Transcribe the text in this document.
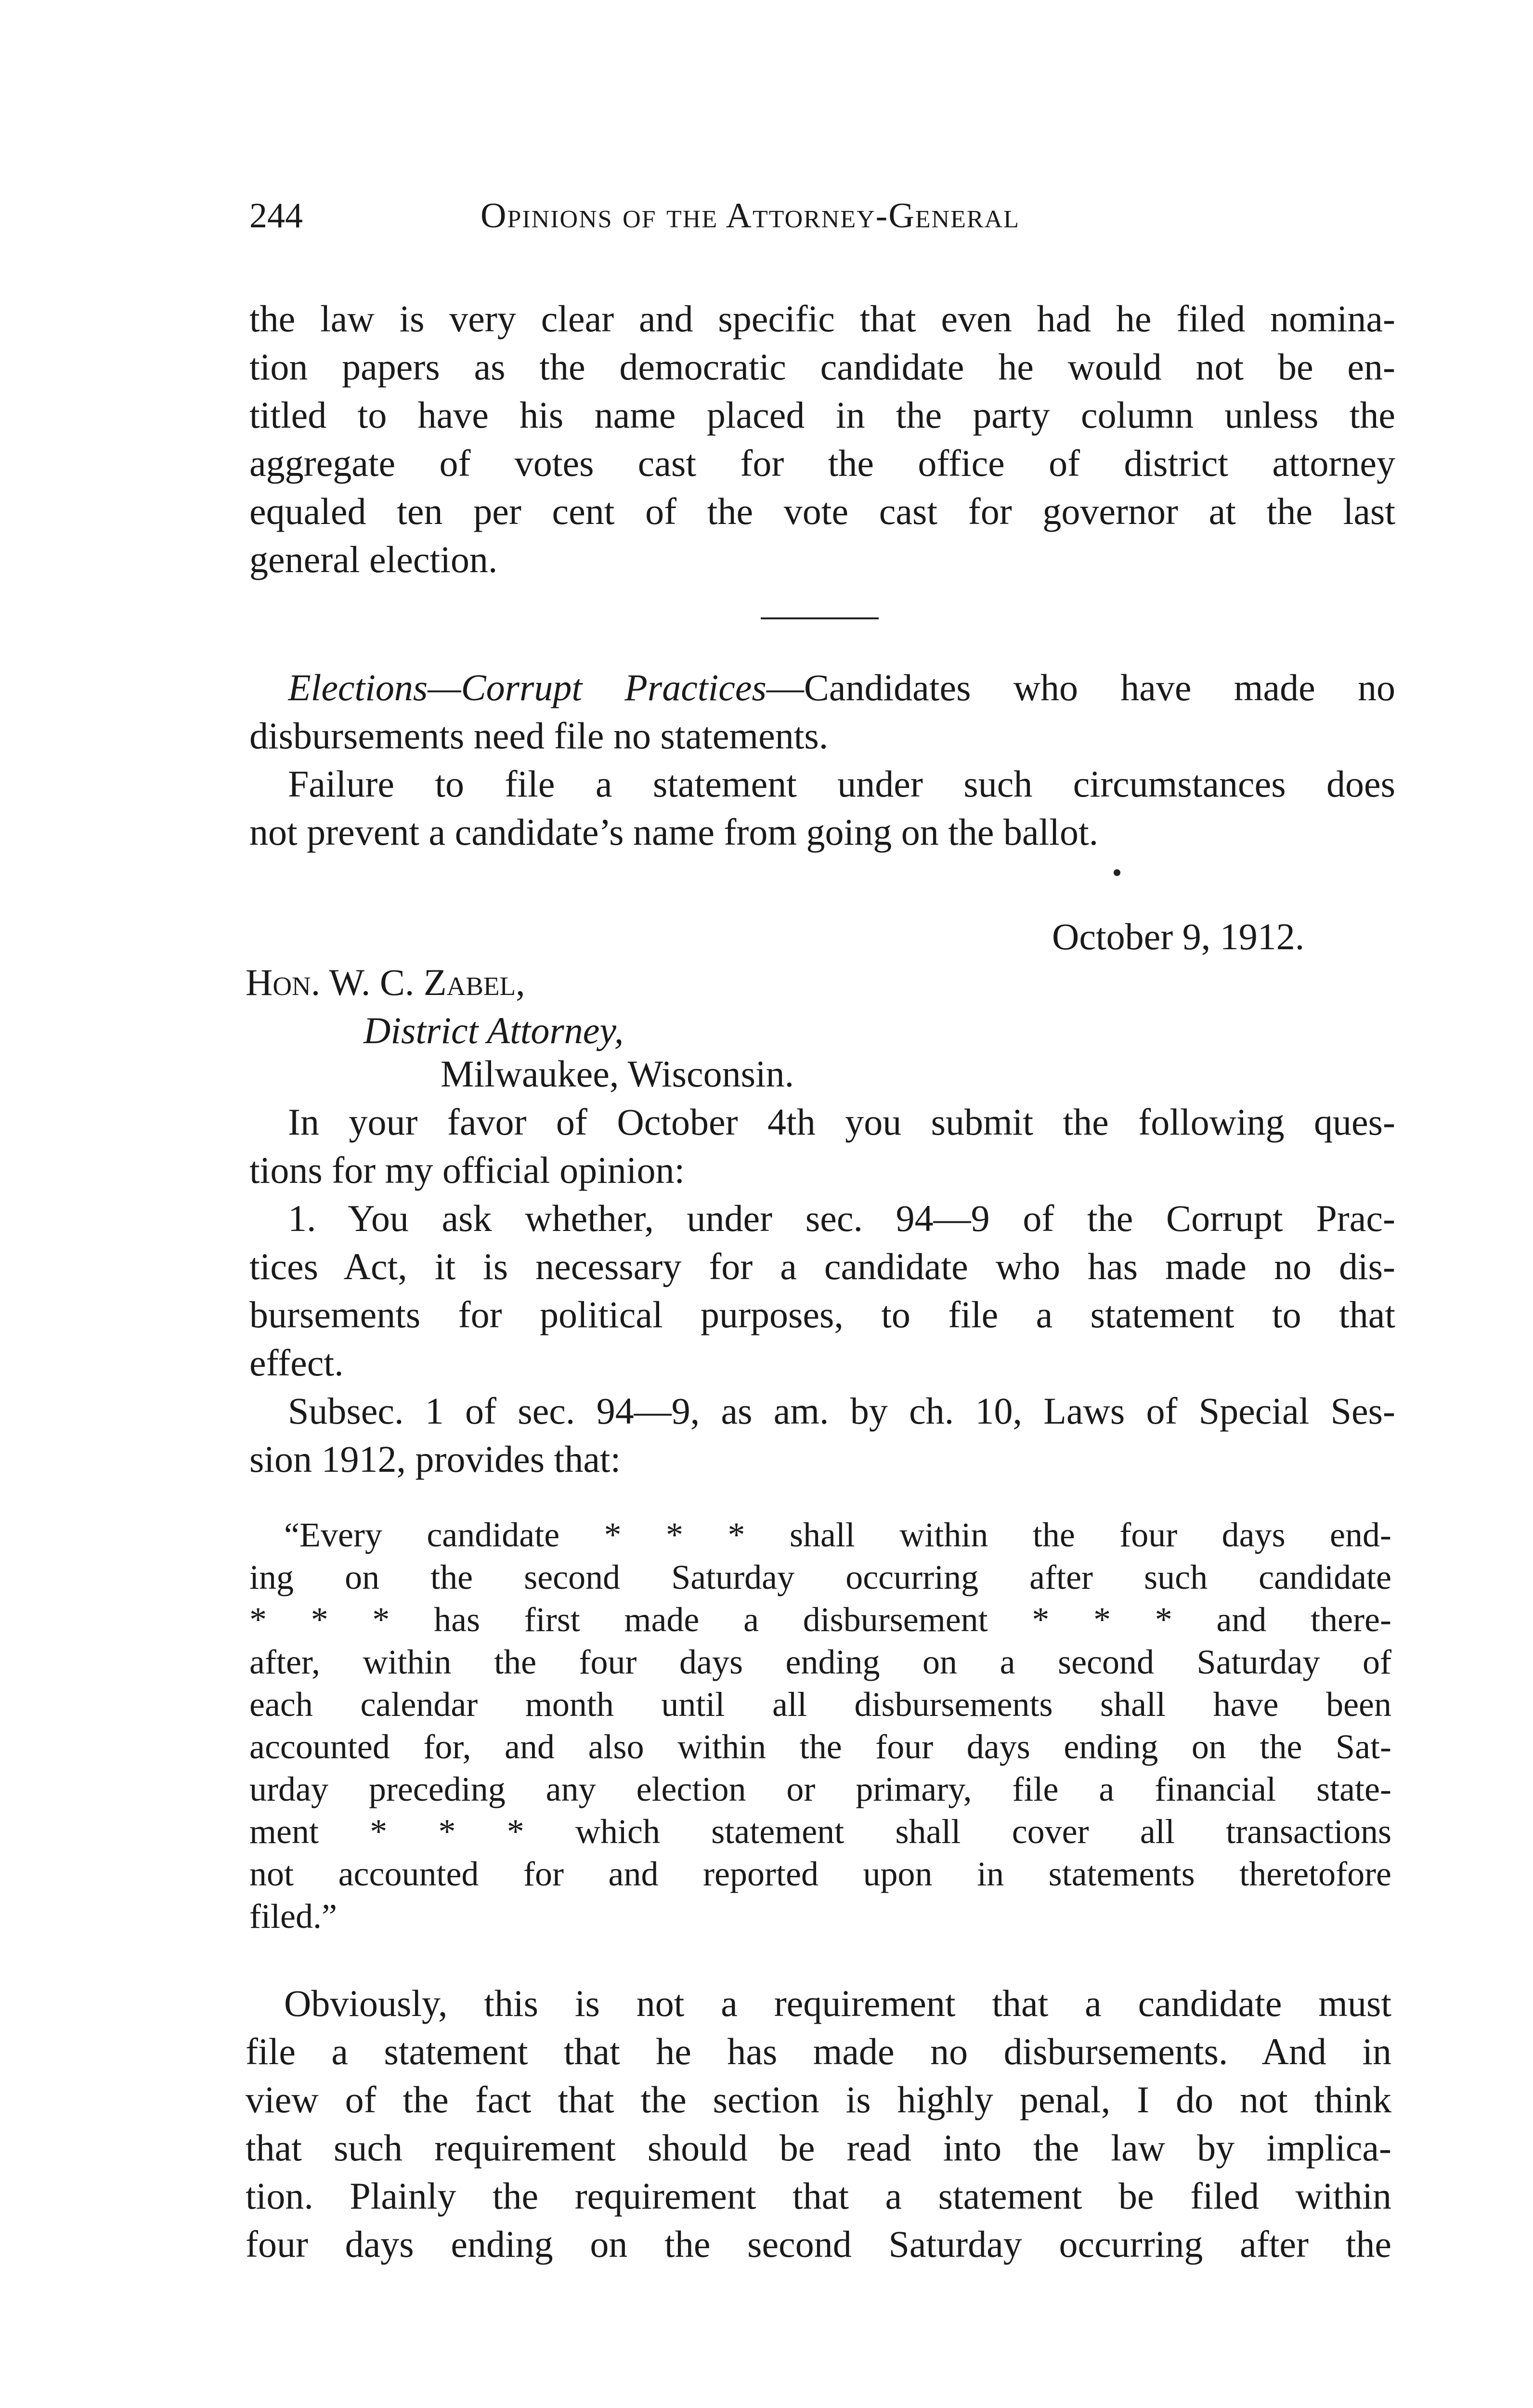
244	Opinions of the Attorney-General
the law is very clear and specific that even had he filed nomina-
tion papers as the democratic candidate he would not be en-
titled to have his name placed in the party column unless the
aggregate of votes cast for the office of district attorney
equaled ten per cent of the vote cast for governor at the last
general election.
Elections—Corrupt Practices—Candidates who have made no
disbursements need file no statements.
Failure to file a statement under such circumstances does
not prevent a candidate’s name from going on the ballot.
October 9, 1912.
Hon. W. C. Zabel,
District Attorney,
Milwaukee, Wisconsin.
In your favor of October 4th you submit the following ques-
tions for my official opinion:
1. You ask whether, under sec. 94—9 of the Corrupt Prac-
tices Act, it is necessary for a candidate who has made no dis-
bursements for political purposes, to file a statement to that
effect.
Subsec. 1 of sec. 94—9, as am. by ch. 10, Laws of Special Ses-
sion 1912, provides that:
“Every candidate * * * shall within the four days end-
ing on the second Saturday occurring after such candidate
* * * has first made a disbursement * * * and there-
after, within the four days ending on a second Saturday of
each calendar month until all disbursements shall have been
accounted for, and also within the four days ending on the Sat-
urday preceding any election or primary, file a financial state-
ment * * * which statement shall cover all transactions
not accounted for and reported upon in statements theretofore
filed.”
Obviously, this is not a requirement that a candidate must
file a statement that he has made no disbursements. And in
view of the fact that the section is highly penal, I do not think
that such requirement should be read into the law by implica-
tion. Plainly the requirement that a statement be filed within
four days ending on the second Saturday occurring after the
